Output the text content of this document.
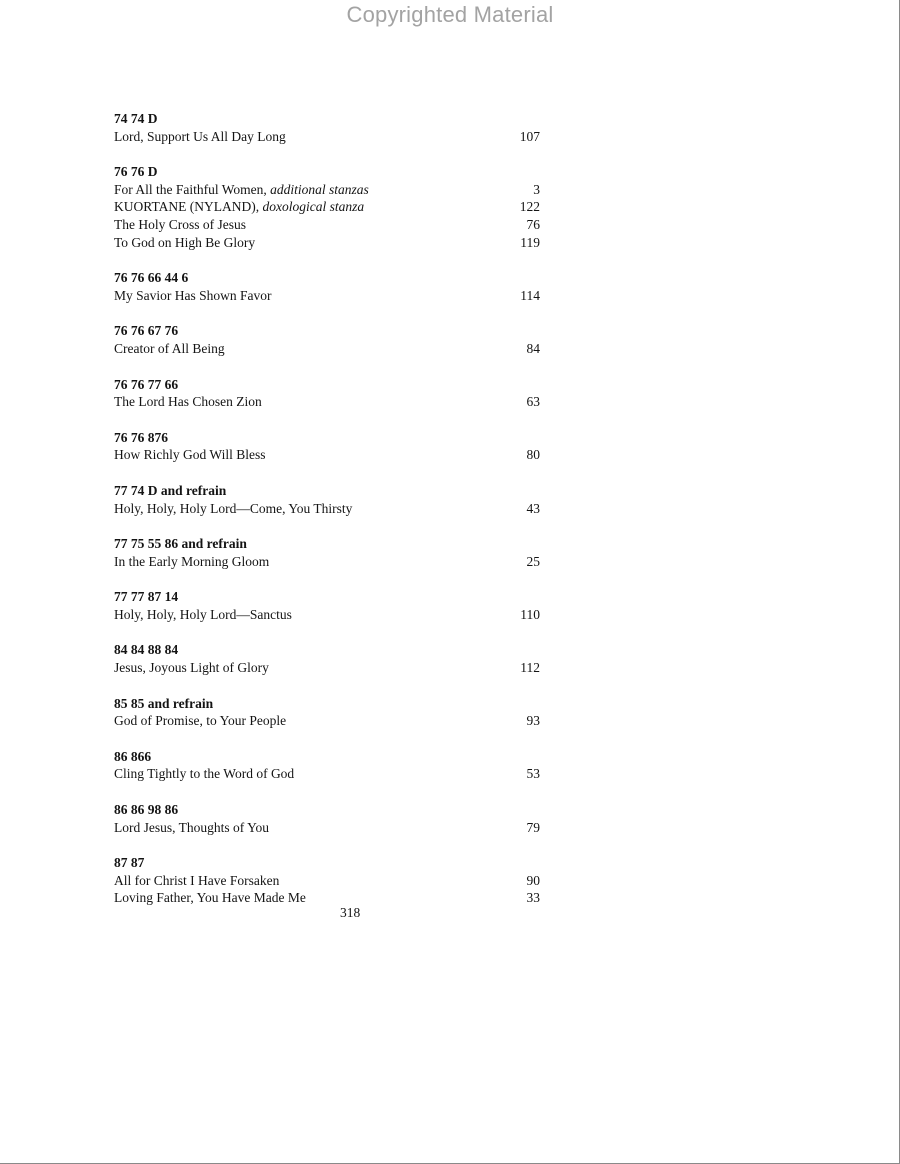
Copyrighted Material
74 74 D
Lord, Support Us All Day Long	107
76 76 D
For All the Faithful Women, additional stanzas	3
KUORTANE (NYLAND), doxological stanza	122
The Holy Cross of Jesus	76
To God on High Be Glory	119
76 76 66 44 6
My Savior Has Shown Favor	114
76 76 67 76
Creator of All Being	84
76 76 77 66
The Lord Has Chosen Zion	63
76 76 876
How Richly God Will Bless	80
77 74 D and refrain
Holy, Holy, Holy Lord—Come, You Thirsty	43
77 75 55 86 and refrain
In the Early Morning Gloom	25
77 77 87 14
Holy, Holy, Holy Lord—Sanctus	110
84 84 88 84
Jesus, Joyous Light of Glory	112
85 85 and refrain
God of Promise, to Your People	93
86 866
Cling Tightly to the Word of God	53
86 86 98 86
Lord Jesus, Thoughts of You	79
87 87
All for Christ I Have Forsaken	90
Loving Father, You Have Made Me	33
318
